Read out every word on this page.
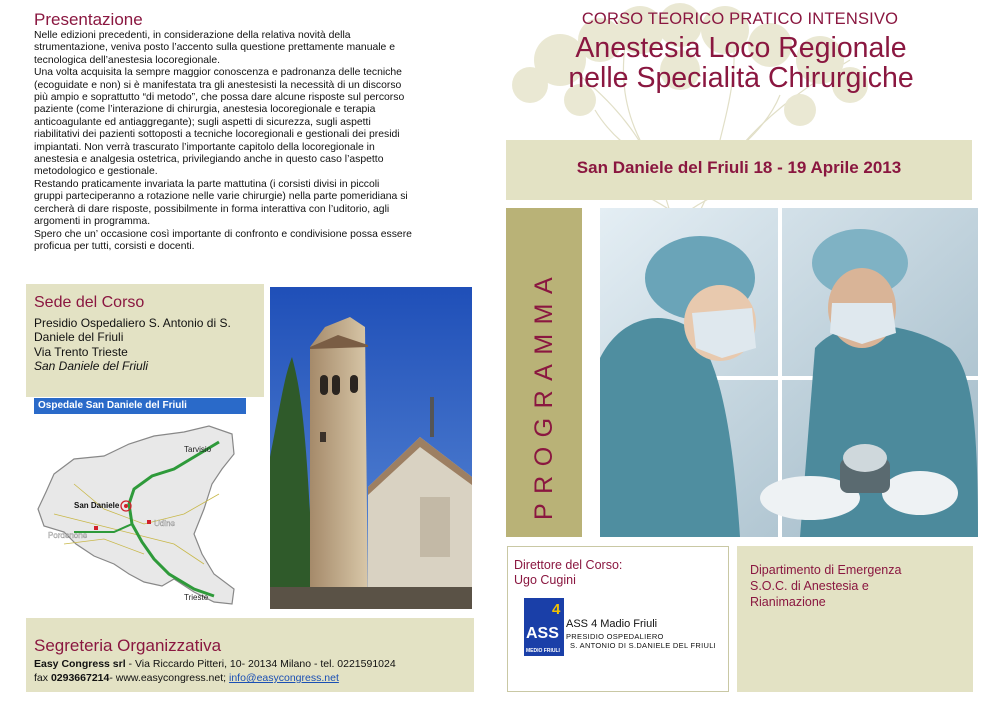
Presentazione

Nelle edizioni precedenti, in considerazione della relativa novità della

strumentazione, veniva posto l’accento sulla questione prettamente manuale e

tecnologica dell’anestesia locoregionale.

Una volta acquisita la sempre maggior conoscenza e padronanza delle tecniche

(ecoguidate e non) si è manifestata tra gli anestesisti la necessità di un discorso

più ampio e soprattutto “di metodo”, che possa dare alcune risposte sul percorso

paziente (come l’interazione di chirurgia, anestesia locoregionale e terapia

anticoagulante ed antiaggregante); sugli aspetti di sicurezza, sugli aspetti

riabilitativi dei pazienti sottoposti a tecniche locoregionali e gestionali dei presidi

impiantati. Non verrà trascurato l’importante capitolo della locoregionale in

anestesia e analgesia ostetrica, privilegiando anche in questo caso l’aspetto

metodologico e gestionale.

Restando praticamente invariata la parte mattutina (i corsisti divisi in piccoli

gruppi parteciperanno a rotazione nelle varie chirurgie) nella parte pomeridiana si

cercherà di dare risposte, possibilmente in forma interattiva con l’uditorio, agli

argomenti in programma.

Spero che un’ occasione così importante di confronto e condivisione possa essere

proficua per tutti, corsisti e docenti.

Sede del Corso
Presidio Ospedaliero S. Antonio di S.
Daniele del Friuli
Via Trento Trieste
San Daniele del Friuli
Ospedale San Daniele del Friuli
Tarvisio
San Daniele
Udine
Pordenone
Trieste
Segreteria Organizzativa
Easy Congress srl - Via Riccardo Pitteri, 10- 20134 Milano - tel. 0221591024
fax 0293667214- www.easycongress.net; info@easycongress.net
CORSO TEORICO PRATICO INTENSIVO
Anestesia Loco Regionale
nelle Specialità Chirurgiche
San Daniele del Friuli 18 - 19 Aprile 2013
PROGRAMMA
Direttore del Corso:
Ugo Cugini
4
ASS
MEDIO FRIULI
ASS 4 Madio Friuli
PRESIDIO OSPEDALIERO
S. ANTONIO DI S.DANIELE DEL FRIULI
Dipartimento di Emergenza
S.O.C. di Anestesia e
Rianimazione
